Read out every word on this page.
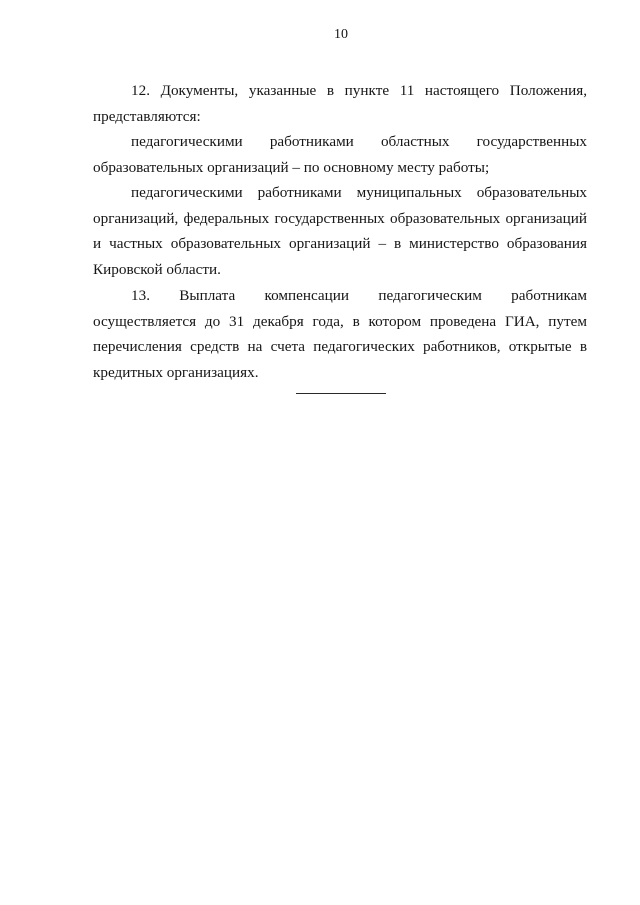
10

12. Документы, указанные в пункте 11 настоящего Положения, представляются:

педагогическими работниками областных государственных образовательных организаций – по основному месту работы;

педагогическими работниками муниципальных образовательных организаций, федеральных государственных образовательных организаций и частных образовательных организаций – в министерство образования Кировской области.

13. Выплата компенсации педагогическим работникам осуществляется до 31 декабря года, в котором проведена ГИА, путем перечисления средств на счета педагогических работников, открытые в кредитных организациях.
